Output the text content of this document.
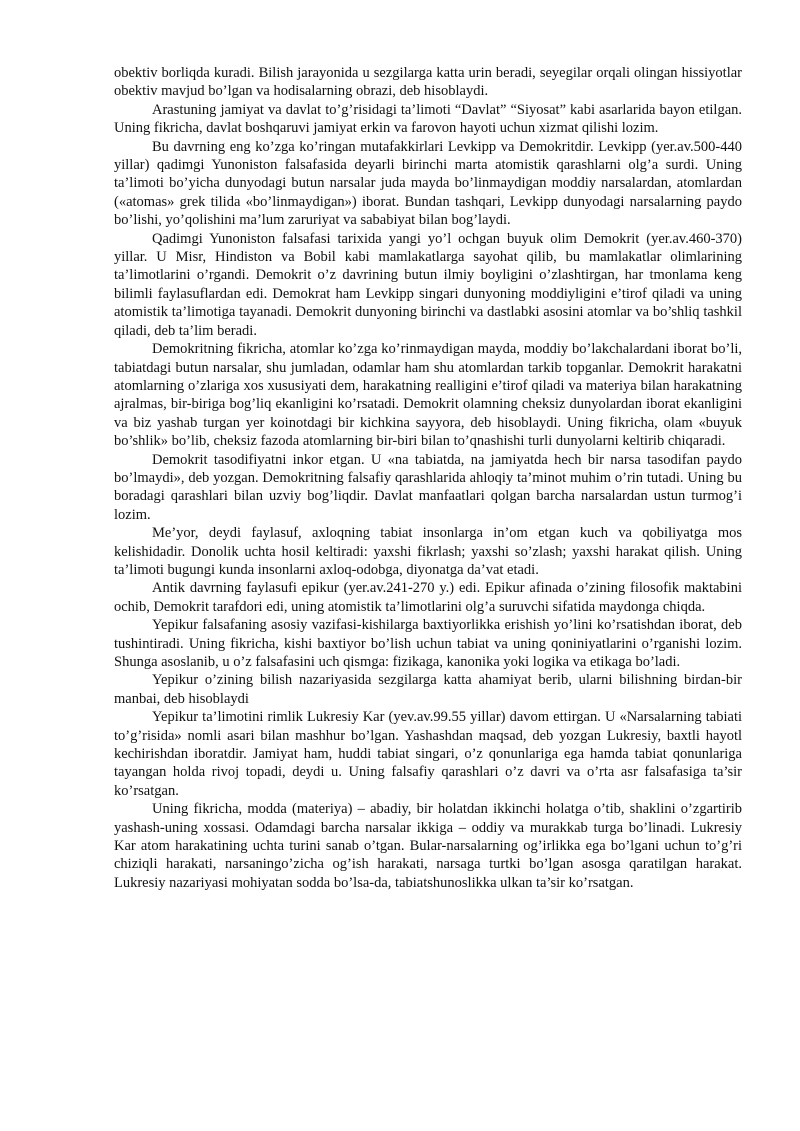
obektiv borliqda kuradi. Bilish jarayonida u sezgilarga katta urin beradi, seyegilar orqali olingan hissiyotlar obektiv mavjud bo’lgan va hodisalarning obrazi, deb hisoblaydi.

Arastuning jamiyat va davlat to’g’risidagi ta’limoti “Davlat” “Siyosat” kabi asarlarida bayon etilgan. Uning fikricha, davlat boshqaruvi jamiyat erkin va farovon hayoti uchun xizmat qilishi lozim.

Bu davrning eng ko’zga ko’ringan mutafakkirlari Levkipp va Demokritdir. Levkipp (yer.av.500-440 yillar) qadimgi Yunoniston falsafasida deyarli birinchi marta atomistik qarashlarni olg’a surdi. Uning ta’limoti bo’yicha dunyodagi butun narsalar juda mayda bo’linmaydigan moddiy narsalardan, atomlardan («atomas» grek tilida «bo’linmaydigan») iborat. Bundan tashqari, Levkipp dunyodagi narsalarning paydo bo’lishi, yo’qolishini ma’lum zaruriyat va sababiyat bilan bog’laydi.

Qadimgi Yunoniston falsafasi tarixida yangi yo’l ochgan buyuk olim Demokrit (yer.av.460-370) yillar. U Misr, Hindiston va Bobil kabi mamlakatlarga sayohat qilib, bu mamlakatlar olimlarining ta’limotlarini o’rgandi. Demokrit o’z davrining butun ilmiy boyligini o’zlashtirgan, har tmonlama keng bilimli faylasuflardan edi. Demokrat ham Levkipp singari dunyoning moddiyligini e’tirof qiladi va uning atomistik ta’limotiga tayanadi. Demokrit dunyoning birinchi va dastlabki asosini atomlar va bo’shliq tashkil qiladi, deb ta’lim beradi.

Demokritning fikricha, atomlar ko’zga ko’rinmaydigan mayda, moddiy bo’lakchalardani iborat bo’li, tabiatdagi butun narsalar, shu jumladan, odamlar ham shu atomlardan tarkib topganlar. Demokrit harakatni atomlarning o’zlariga xos xususiyati dem, harakatning realligini e’tirof qiladi va materiya bilan harakatning ajralmas, bir-biriga bog’liq ekanligini ko’rsatadi. Demokrit olamning cheksiz dunyolardan iborat ekanligini va biz yashab turgan yer koinotdagi bir kichkina sayyora, deb hisoblaydi. Uning fikricha, olam «buyuk bo’shlik» bo’lib, cheksiz fazoda atomlarning bir-biri bilan to’qnashishi turli dunyolarni keltirib chiqaradi.

Demokrit tasodifiyatni inkor etgan. U «na tabiatda, na jamiyatda hech bir narsa tasodifan paydo bo’lmaydi», deb yozgan. Demokritning falsafiy qarashlarida ahloqiy ta’minot muhim o’rin tutadi. Uning bu boradagi qarashlari bilan uzviy bog’liqdir. Davlat manfaatlari qolgan barcha narsalardan ustun turmog’i lozim.

Me’yor, deydi faylasuf, axloqning tabiat insonlarga in’om etgan kuch va qobiliyatga mos kelishidadir. Donolik uchta hosil keltiradi: yaxshi fikrlash; yaxshi so’zlash; yaxshi harakat qilish. Uning ta’limoti bugungi kunda insonlarni axloq-odobga, diyonatga da’vat etadi.

Antik davrning faylasufi epikur (yer.av.241-270 y.) edi. Epikur afinada o’zining filosofik maktabini ochib, Demokrit tarafdori edi, uning atomistik ta’limotlarini olg’a suruvchi sifatida maydonga chiqda.

Yepikur falsafaning asosiy vazifasi-kishilarga baxtiyorlikka erishish yo’lini ko’rsatishdan iborat, deb tushintiradi. Uning fikricha, kishi baxtiyor bo’lish uchun tabiat va uning qoniniyatlarini o’rganishi lozim. Shunga asoslanib, u o’z falsafasini uch qismga: fizikaga, kanonika yoki logika va etikaga bo’ladi.

Yepikur o’zining bilish nazariyasida sezgilarga katta ahamiyat berib, ularni bilishning birdan-bir manbai, deb hisoblaydi

Yepikur ta’limotini rimlik Lukresiy Kar (yev.av.99.55 yillar) davom ettirgan. U «Narsalarning tabiati to’g’risida» nomli asari bilan mashhur bo’lgan. Yashashdan maqsad, deb yozgan Lukresiy, baxtli hayotl kechirishdan iboratdir. Jamiyat ham, huddi tabiat singari, o’z qonunlariga ega hamda tabiat qonunlariga tayangan holda rivoj topadi, deydi u. Uning falsafiy qarashlari o’z davri va o’rta asr falsafasiga ta’sir ko’rsatgan.

Uning fikricha, modda (materiya) – abadiy, bir holatdan ikkinchi holatga o’tib, shaklini o’zgartirib yashash-uning xossasi. Odamdagi barcha narsalar ikkiga – oddiy va murakkab turga bo’linadi. Lukresiy Kar atom harakatining uchta turini sanab o’tgan. Bular-narsalarning og’irlikka ega bo’lgani uchun to’g’ri chiziqli harakati, narsaningo’zicha og’ish harakati, narsaga turtki bo’lgan asosga qaratilgan harakat. Lukresiy nazariyasi mohiyatan sodda bo’lsa-da, tabiatshunoslikka ulkan ta’sir ko’rsatgan.
